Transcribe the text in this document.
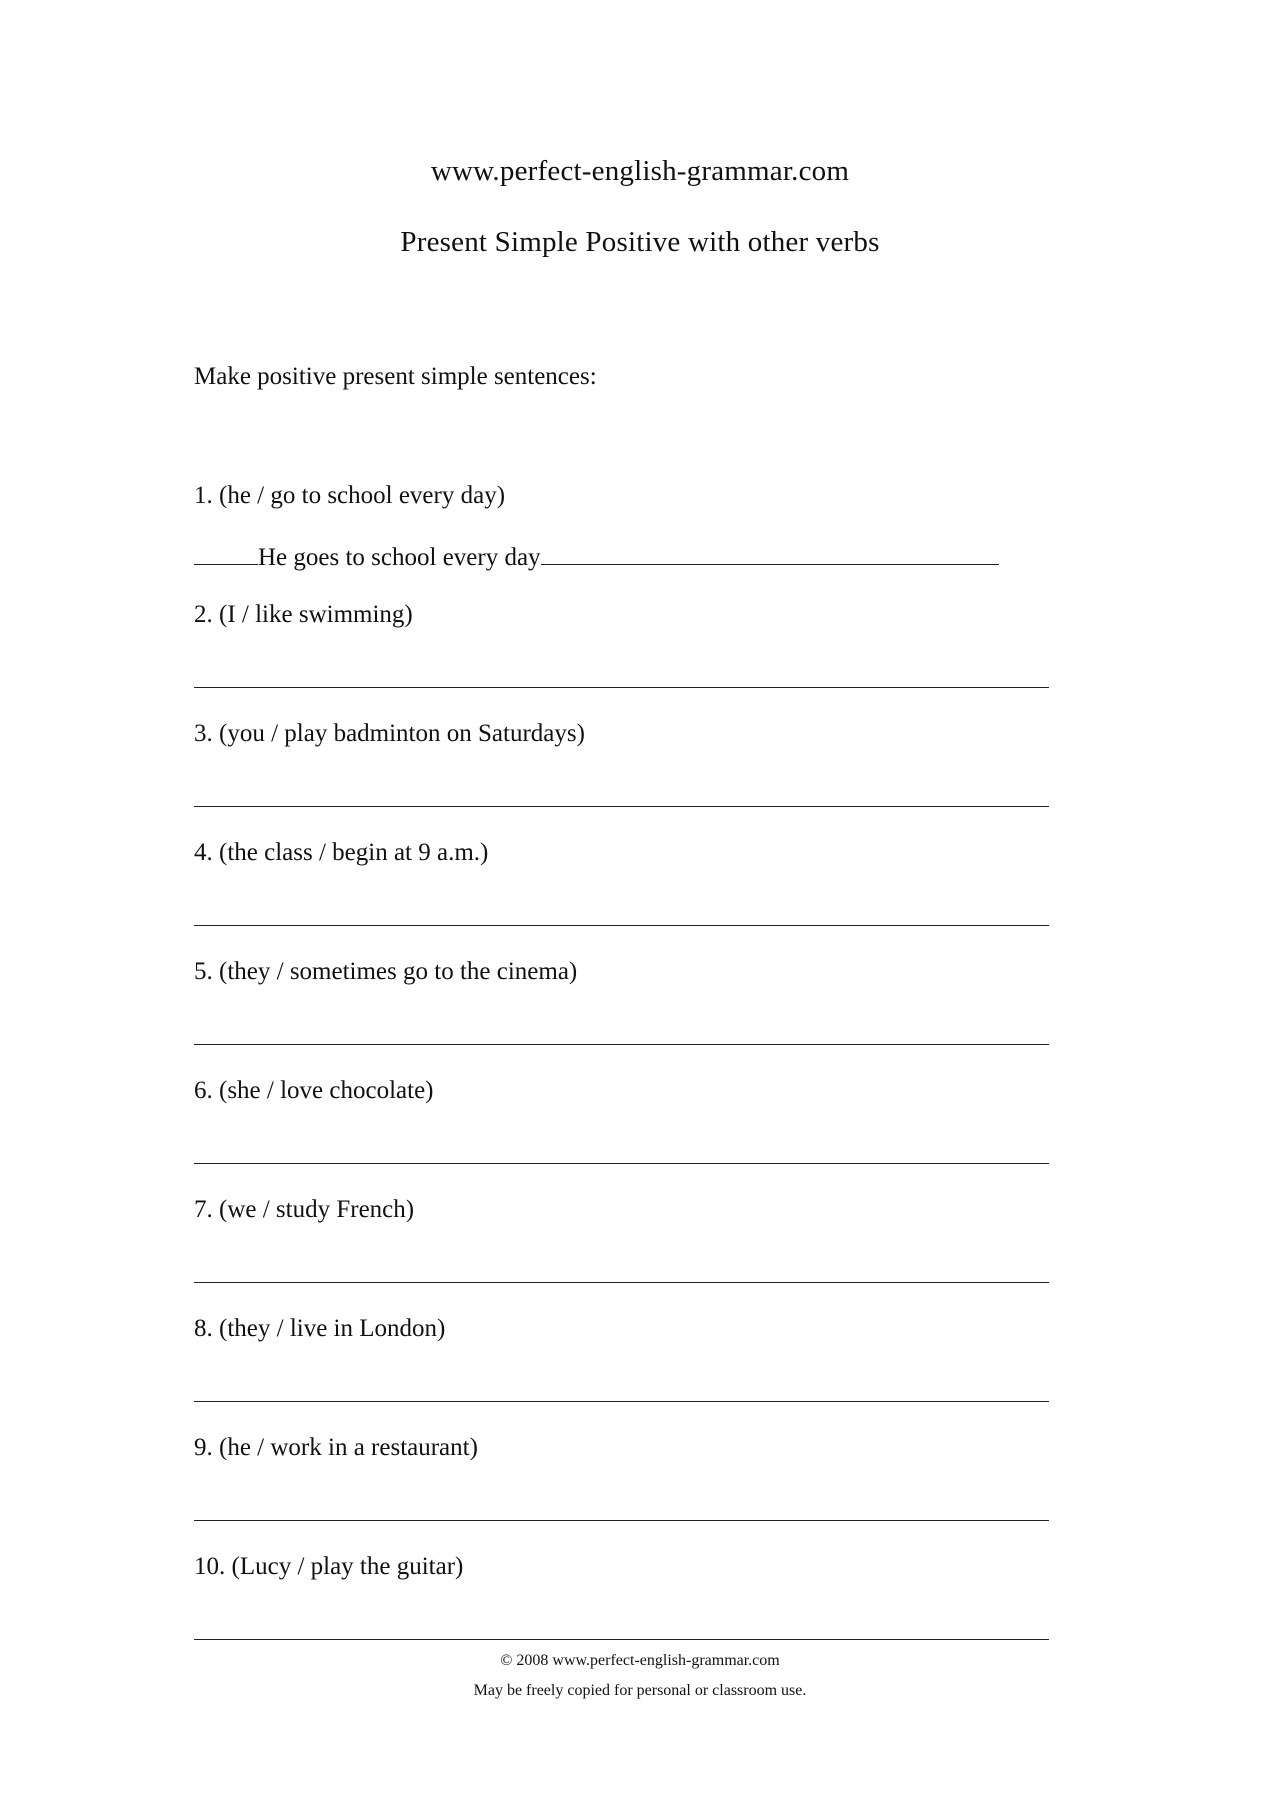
www.perfect-english-grammar.com
Present Simple Positive with other verbs
Make positive present simple sentences:
1. (he / go to school every day)
He goes to school every day
2. (I / like swimming)
3. (you / play badminton on Saturdays)
4. (the class / begin at 9 a.m.)
5. (they / sometimes go to the cinema)
6. (she / love chocolate)
7. (we / study French)
8. (they / live in London)
9. (he / work in a restaurant)
10. (Lucy / play the guitar)
© 2008 www.perfect-english-grammar.com
May be freely copied for personal or classroom use.
